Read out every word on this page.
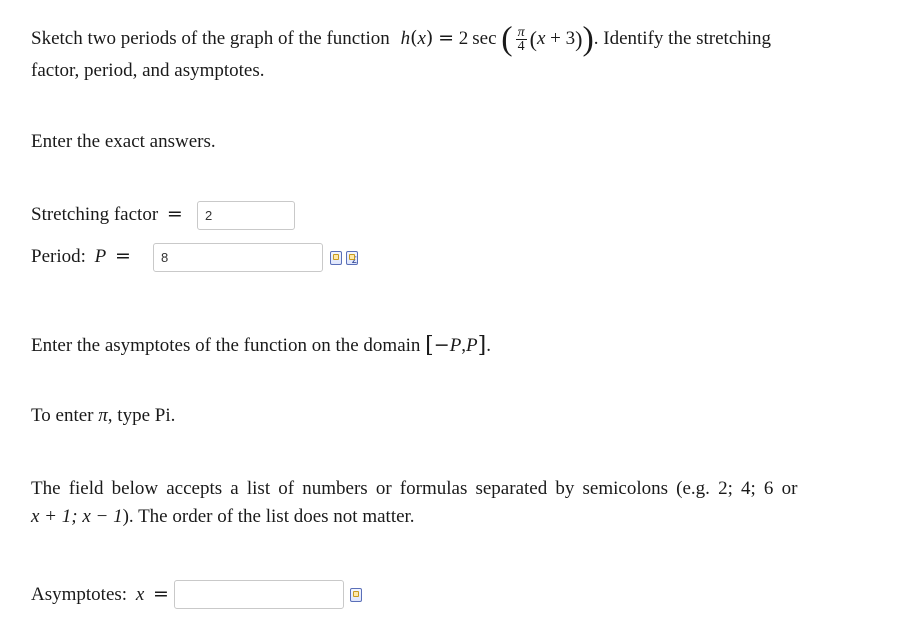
Sketch two periods of the graph of the function h(x) = 2 sec ( $\frac{\pi}{4} (x + 3)$). Identify the stretching
factor, period, and asymptotes.
Enter the exact answers.
Stretching factor =	2
Period: P =	8
Σ
Enter the asymptotes of the function on the domain [−P,P].
To enter π, type Pi.
The field below accepts a list of numbers or formulas separated by semicolons (e.g. 2; 4; 6 or
x + 1; x − 1). The order of the list does not matter.
Asymptotes: x =
